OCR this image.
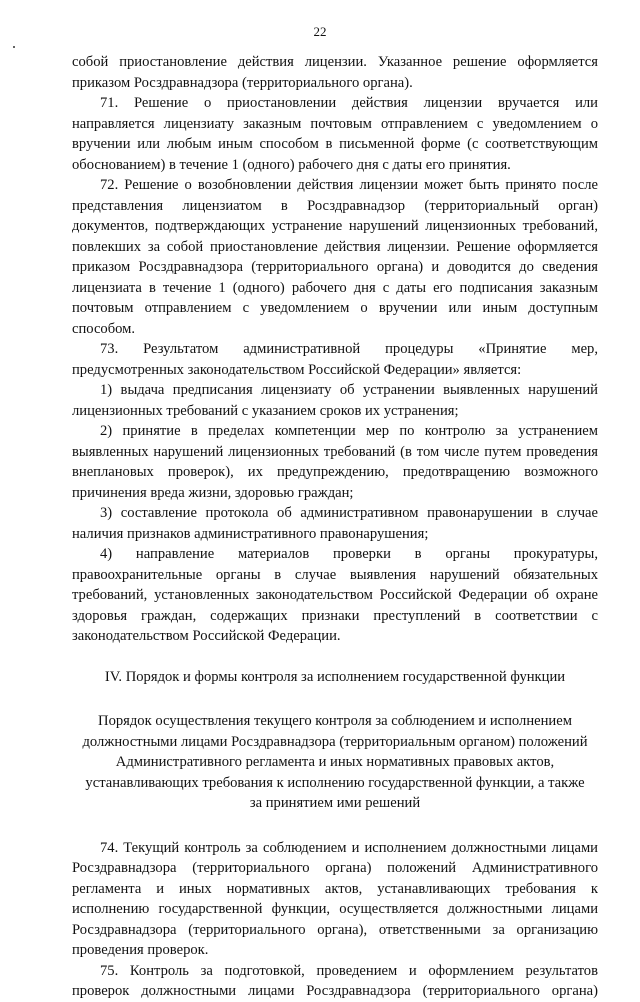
22

собой приостановление действия лицензии. Указанное решение оформляется приказом Росздравнадзора (территориального органа).

71. Решение о приостановлении действия лицензии вручается или направляется лицензиату заказным почтовым отправлением с уведомлением о вручении или любым иным способом в письменной форме (с соответствующим обоснованием) в течение 1 (одного) рабочего дня с даты его принятия.

72. Решение о возобновлении действия лицензии может быть принято после представления лицензиатом в Росздравнадзор (территориальный орган) документов, подтверждающих устранение нарушений лицензионных требований, повлекших за собой приостановление действия лицензии. Решение оформляется приказом Росздравнадзора (территориального органа) и доводится до сведения лицензиата в течение 1 (одного) рабочего дня с даты его подписания заказным почтовым отправлением с уведомлением о вручении или иным доступным способом.

73. Результатом административной процедуры «Принятие мер, предусмотренных законодательством Российской Федерации» является:

1) выдача предписания лицензиату об устранении выявленных нарушений лицензионных требований с указанием сроков их устранения;

2) принятие в пределах компетенции мер по контролю за устранением выявленных нарушений лицензионных требований (в том числе путем проведения внеплановых проверок), их предупреждению, предотвращению возможного причинения вреда жизни, здоровью граждан;

3) составление протокола об административном правонарушении в случае наличия признаков административного правонарушения;

4) направление материалов проверки в органы прокуратуры, правоохранительные органы в случае выявления нарушений обязательных требований, установленных законодательством Российской Федерации об охране здоровья граждан, содержащих признаки преступлений в соответствии с законодательством Российской Федерации.

IV. Порядок и формы контроля за исполнением государственной функции

Порядок осуществления текущего контроля за соблюдением и исполнением

должностными лицами Росздравнадзора (территориальным органом) положений

Административного регламента и иных нормативных правовых актов,

устанавливающих требования к исполнению государственной функции, а также

за принятием ими решений

74. Текущий контроль за соблюдением и исполнением должностными лицами Росздравнадзора (территориального органа) положений Административного регламента и иных нормативных актов, устанавливающих требования к исполнению государственной функции, осуществляется должностными лицами Росздравнадзора (территориального органа), ответственными за организацию проведения проверок.

75. Контроль за подготовкой, проведением и оформлением результатов проверок должностными лицами Росздравнадзора (территориального органа)
